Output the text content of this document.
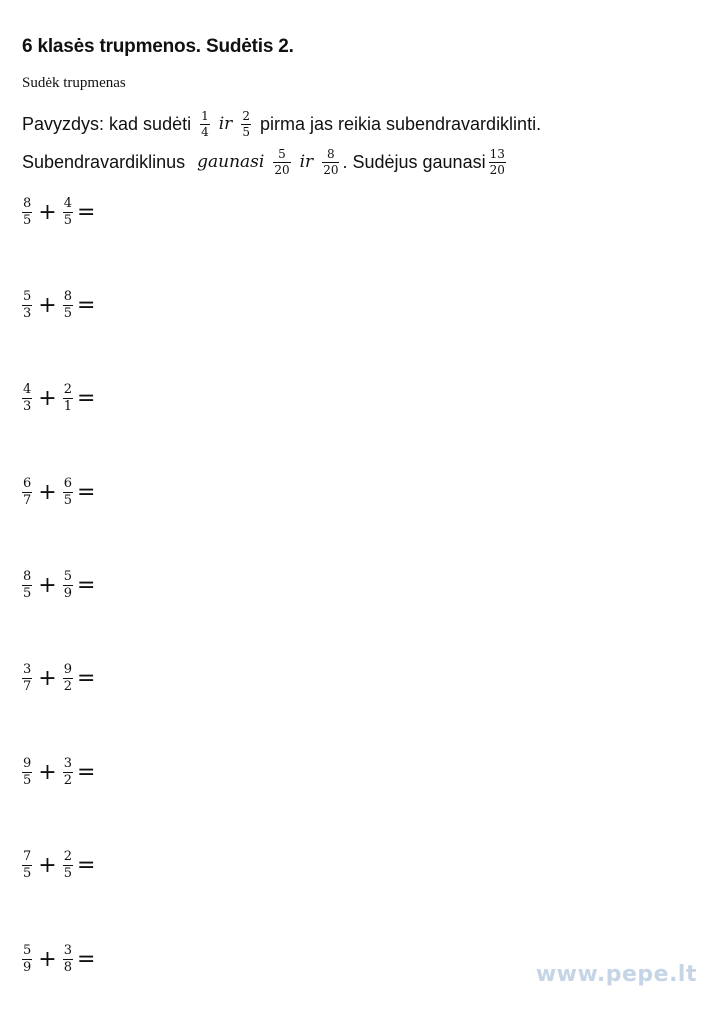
6 klasės trupmenos. Sudėtis 2.
Sudėk trupmenas
Pavyzdys: kad sudėti $\frac{1}{4}$ ir $\frac{2}{5}$ pirma jas reikia subendravardiklinti.
Subendravardiklinus gaunasi $\frac{5}{20}$ ir $\frac{8}{20}$ . Sudėjus gaunasi $\frac{13}{20}$
$\frac{8}{5} + \frac{4}{5}$ =
$\frac{5}{3} + \frac{8}{5}$ =
$\frac{4}{3} + \frac{2}{1}$ =
$\frac{6}{7} + \frac{6}{5}$ =
$\frac{8}{5} + \frac{5}{9}$ =
$\frac{3}{7} + \frac{9}{2}$ =
$\frac{9}{5} + \frac{3}{2}$ =
$\frac{7}{5} + \frac{2}{5}$ =
$\frac{5}{9} + \frac{3}{8}$ =
www.pepe.lt
